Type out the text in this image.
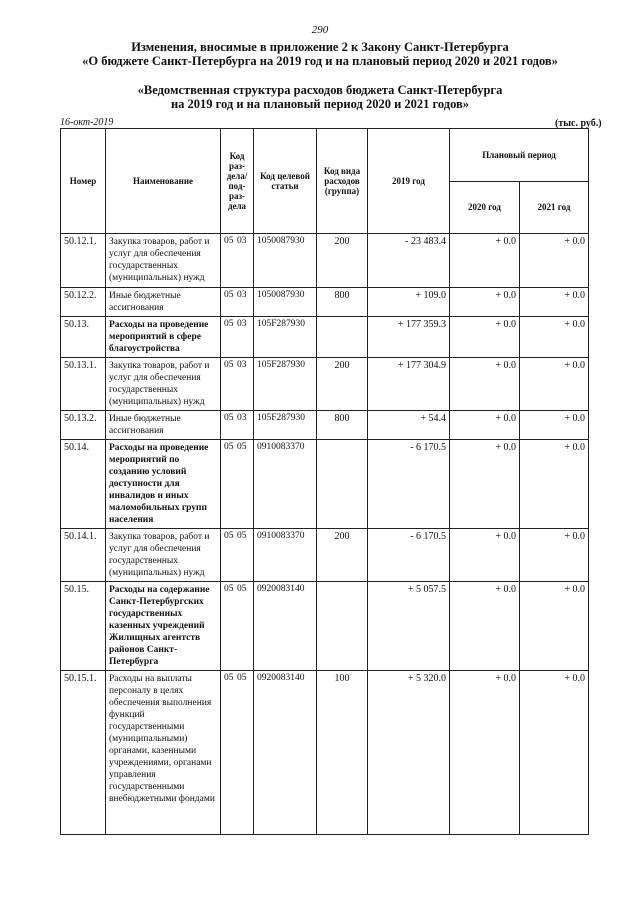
290
Изменения, вносимые в приложение 2 к Закону Санкт-Петербурга
«О бюджете Санкт-Петербурга на 2019 год и на плановый период 2020 и 2021 годов»
«Ведомственная структура расходов бюджета Санкт-Петербурга
на 2019 год и на плановый период 2020 и 2021 годов»
16-окт-2019	(тыс. руб.)
Номер	Наименование	Код раз-дела/ под-раз-дела	Код целевой статьи	Код вида расходов (группа)	2019 год	Плановый период	
						2020 год	2021 год
50.12.1.	Закупка товаров, работ и услуг для обеспечения государственных (муниципальных) нужд	05 03	1050087930	200	- 23 483.4	+ 0.0	+ 0.0
50.12.2.	Иные бюджетные ассигнования	05 03	1050087930	800	+ 109.0	+ 0.0	+ 0.0
50.13.	Расходы на проведение мероприятий в сфере благоустройства	05 03	105F287930		+ 177 359.3	+ 0.0	+ 0.0
50.13.1.	Закупка товаров, работ и услуг для обеспечения государственных (муниципальных) нужд	05 03	105F287930	200	+ 177 304.9	+ 0.0	+ 0.0
50.13.2.	Иные бюджетные ассигнования	05 03	105F287930	800	+ 54.4	+ 0.0	+ 0.0
50.14.	Расходы на проведение мероприятий по созданию условий доступности для инвалидов и иных маломобильных групп населения	05 05	0910083370		- 6 170.5	+ 0.0	+ 0.0
50.14.1.	Закупка товаров, работ и услуг для обеспечения государственных (муниципальных) нужд	05 05	0910083370	200	- 6 170.5	+ 0.0	+ 0.0
50.15.	Расходы на содержание Санкт-Петербургских государственных казенных учреждений Жилищных агентств районов Санкт-Петербурга	05 05	0920083140		+ 5 057.5	+ 0.0	+ 0.0
50.15.1.	Расходы на выплаты персоналу в целях обеспечения выполнения функций государственными (муниципальными) органами, казенными учреждениями, органами управления государственными внебюджетными фондами	05 05	0920083140	100	+ 5 320.0	+ 0.0	+ 0.0
